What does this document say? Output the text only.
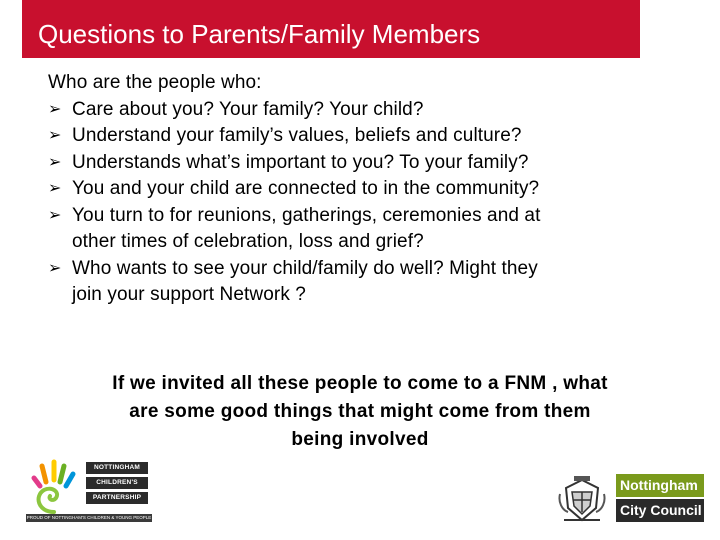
Questions to Parents/Family Members

Who are the people who:

➢ Care about you? Your family? Your child?
➢ Understand your family’s values, beliefs and culture?
➢ Understands what’s important to you? To your family?
➢ You and your child are connected to in the community?
➢ You turn to for reunions, gatherings, ceremonies and at
other times of celebration, loss and grief?
➢ Who wants to see your child/family do well? Might they
join your support Network ?
If we invited all these people to come to a FNM , what
are some good things that might come from them
being involved
NOTTINGHAM
CHILDREN'S
PARTNERSHIP
PROUD OF NOTTINGHAM'S CHILDREN & YOUNG PEOPLE
Nottingham
City Council
